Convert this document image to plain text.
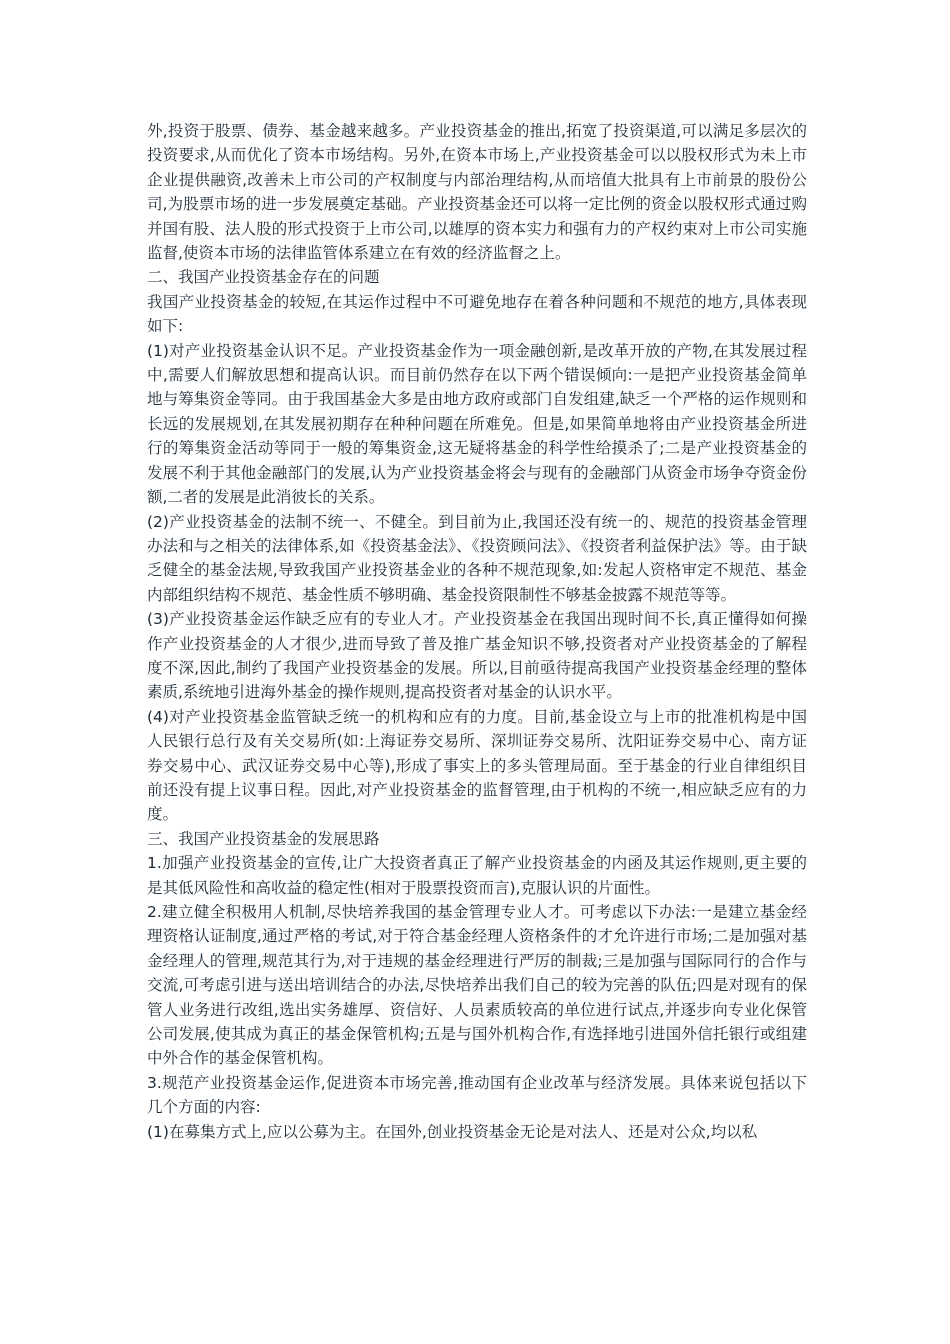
外,投资于股票、债券、基金越来越多。产业投资基金的推出,拓宽了投资渠道,可以满足多层次的投资要求,从而优化了资本市场结构。另外,在资本市场上,产业投资基金可以以股权形式为未上市企业提供融资,改善未上市公司的产权制度与内部治理结构,从而培值大批具有上市前景的股份公司,为股票市场的进一步发展奠定基础。产业投资基金还可以将一定比例的资金以股权形式通过购并国有股、法人股的形式投资于上市公司,以雄厚的资本实力和强有力的产权约束对上市公司实施监督,使资本市场的法律监管体系建立在有效的经济监督之上。

二、我国产业投资基金存在的问题

我国产业投资基金的较短,在其运作过程中不可避免地存在着各种问题和不规范的地方,具体表现如下:

(1)对产业投资基金认识不足。产业投资基金作为一项金融创新,是改革开放的产物,在其发展过程中,需要人们解放思想和提高认识。而目前仍然存在以下两个错误倾向:一是把产业投资基金简单地与筹集资金等同。由于我国基金大多是由地方政府或部门自发组建,缺乏一个严格的运作规则和长远的发展规划,在其发展初期存在种种问题在所难免。但是,如果简单地将由产业投资基金所进行的筹集资金活动等同于一般的筹集资金,这无疑将基金的科学性给摸杀了;二是产业投资基金的发展不利于其他金融部门的发展,认为产业投资基金将会与现有的金融部门从资金市场争夺资金份额,二者的发展是此消彼长的关系。

(2)产业投资基金的法制不统一、不健全。到目前为止,我国还没有统一的、规范的投资基金管理办法和与之相关的法律体系,如《投资基金法》、《投资顾问法》、《投资者利益保护法》等。由于缺乏健全的基金法规,导致我国产业投资基金业的各种不规范现象,如:发起人资格审定不规范、基金内部组织结构不规范、基金性质不够明确、基金投资限制性不够基金披露不规范等等。

(3)产业投资基金运作缺乏应有的专业人才。产业投资基金在我国出现时间不长,真正懂得如何操作产业投资基金的人才很少,进而导致了普及推广基金知识不够,投资者对产业投资基金的了解程度不深,因此,制约了我国产业投资基金的发展。所以,目前亟待提高我国产业投资基金经理的整体素质,系统地引进海外基金的操作规则,提高投资者对基金的认识水平。

(4)对产业投资基金监管缺乏统一的机构和应有的力度。目前,基金设立与上市的批准机构是中国人民银行总行及有关交易所(如:上海证券交易所、深圳证券交易所、沈阳证券交易中心、南方证券交易中心、武汉证券交易中心等),形成了事实上的多头管理局面。至于基金的行业自律组织目前还没有提上议事日程。因此,对产业投资基金的监督管理,由于机构的不统一,相应缺乏应有的力度。

三、我国产业投资基金的发展思路

1.加强产业投资基金的宣传,让广大投资者真正了解产业投资基金的内函及其运作规则,更主要的是其低风险性和高收益的稳定性(相对于股票投资而言),克服认识的片面性。

2.建立健全积极用人机制,尽快培养我国的基金管理专业人才。可考虑以下办法:一是建立基金经理资格认证制度,通过严格的考试,对于符合基金经理人资格条件的才允许进行市场;二是加强对基金经理人的管理,规范其行为,对于违规的基金经理进行严厉的制裁;三是加强与国际同行的合作与交流,可考虑引进与送出培训结合的办法,尽快培养出我们自己的较为完善的队伍;四是对现有的保管人业务进行改组,选出实务雄厚、资信好、人员素质较高的单位进行试点,并逐步向专业化保管公司发展,使其成为真正的基金保管机构;五是与国外机构合作,有选择地引进国外信托银行或组建中外合作的基金保管机构。

3.规范产业投资基金运作,促进资本市场完善,推动国有企业改革与经济发展。具体来说包括以下几个方面的内容:

(1)在募集方式上,应以公募为主。在国外,创业投资基金无论是对法人、还是对公众,均以私
